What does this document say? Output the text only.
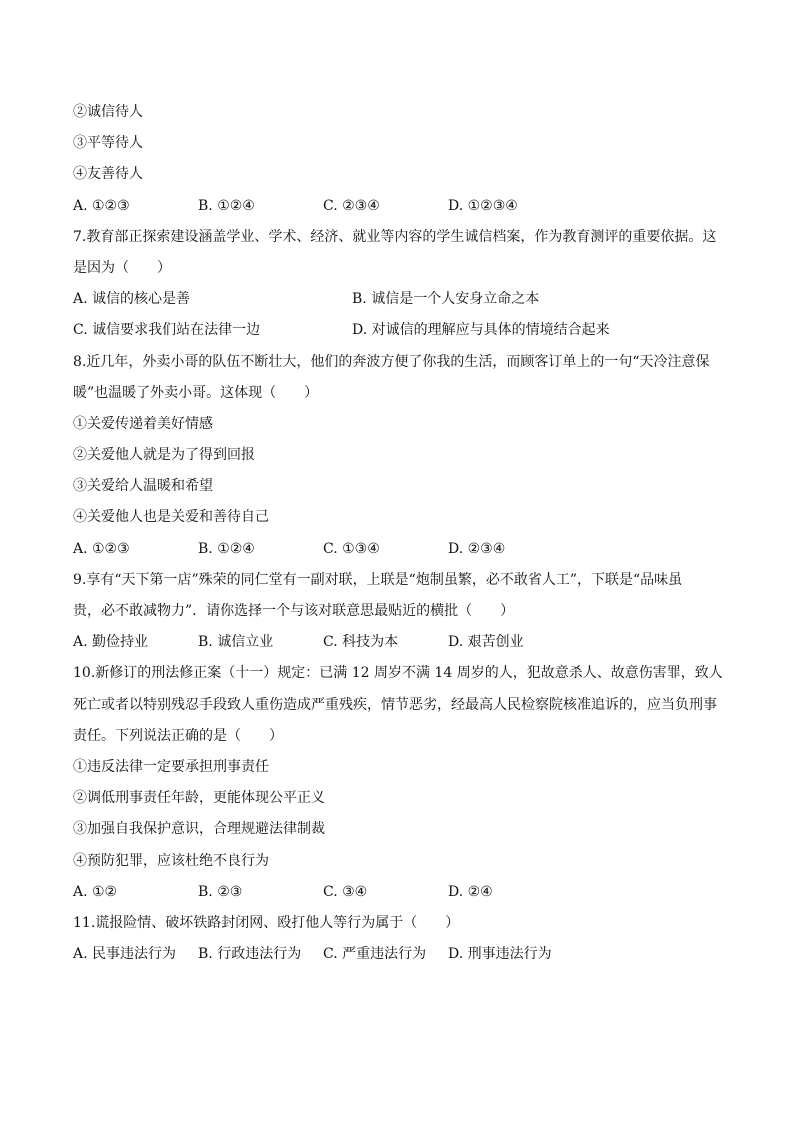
②诚信待人
③平等待人
④友善待人
A. ①②③	B. ①②④	C. ②③④	D. ①②③④
7.教育部正探索建设涵盖学业、学术、经济、就业等内容的学生诚信档案，作为教育测评的重要依据。这
是因为（　　）
A. 诚信的核心是善	B. 诚信是一个人安身立命之本
C. 诚信要求我们站在法律一边	D. 对诚信的理解应与具体的情境结合起来
8.近几年，外卖小哥的队伍不断壮大，他们的奔波方便了你我的生活，而顾客订单上的一句“天冷注意保
暖”也温暖了外卖小哥。这体现（　　）
①关爱传递着美好情感
②关爱他人就是为了得到回报
③关爱给人温暖和希望
④关爱他人也是关爱和善待自己
A. ①②③	B. ①②④	C. ①③④	D. ②③④
9.享有“天下第一店”殊荣的同仁堂有一副对联，上联是“炮制虽繁，必不敢省人工”，下联是“品味虽
贵，必不敢减物力”．请你选择一个与该对联意思最贴近的横批（　　）
A. 勤俭持业	B. 诚信立业	C. 科技为本	D. 艰苦创业
10.新修订的刑法修正案（十一）规定：已满 12 周岁不满 14 周岁的人，犯故意杀人、故意伤害罪，致人
死亡或者以特别残忍手段致人重伤造成严重残疾，情节恶劣，经最高人民检察院核准追诉的，应当负刑事
责任。下列说法正确的是（　　）
①违反法律一定要承担刑事责任
②调低刑事责任年龄，更能体现公平正义
③加强自我保护意识，合理规避法律制裁
④预防犯罪，应该杜绝不良行为
A. ①②	B. ②③	C. ③④	D. ②④
11.谎报险情、破坏铁路封闭网、殴打他人等行为属于（　　）
A. 民事违法行为	B. 行政违法行为	C. 严重违法行为	D. 刑事违法行为
